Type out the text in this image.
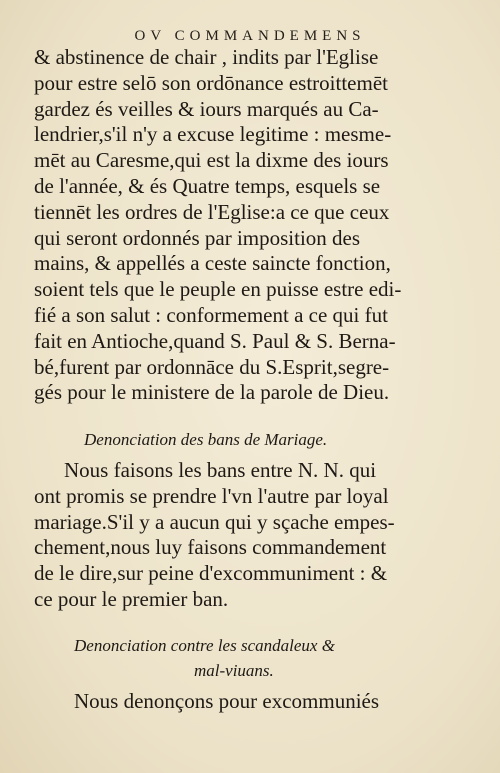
OV COMMANDEMENS
& abstinence de chair , indits par l'Eglise
pour estre selō son ordōnance estroittemēt
gardez és veilles & iours marqués au Ca-
lendrier,s'il n'y a excuse legitime : mesme-
mēt au Caresme,qui est la dixme des iours
de l'année, & és Quatre temps, esquels se
tiennēt les ordres de l'Eglise:a ce que ceux
qui seront ordonnés par imposition des
mains, & appellés a ceste saincte fonction,
soient tels que le peuple en puisse estre edi-
fié a son salut : conformement a ce qui fut
fait en Antioche,quand S. Paul & S. Bernа-
bé,furent par ordonnāce du S.Esprit,segre-
gés pour le ministere de la parole de Dieu.
Denonciation des bans de Mariage.
Nous faisons les bans entre N. N. qui
ont promis se prendre l'vn l'autre par loyal
mariage.S'il y a aucun qui y sçache empes-
chement,nous luy faisons commandement
de le dire,sur peine d'excommuniment : &
ce pour le premier ban.
Denonciation contre les scandaleux &
mal-viuans.
Nous denonçons pour excommuniés
